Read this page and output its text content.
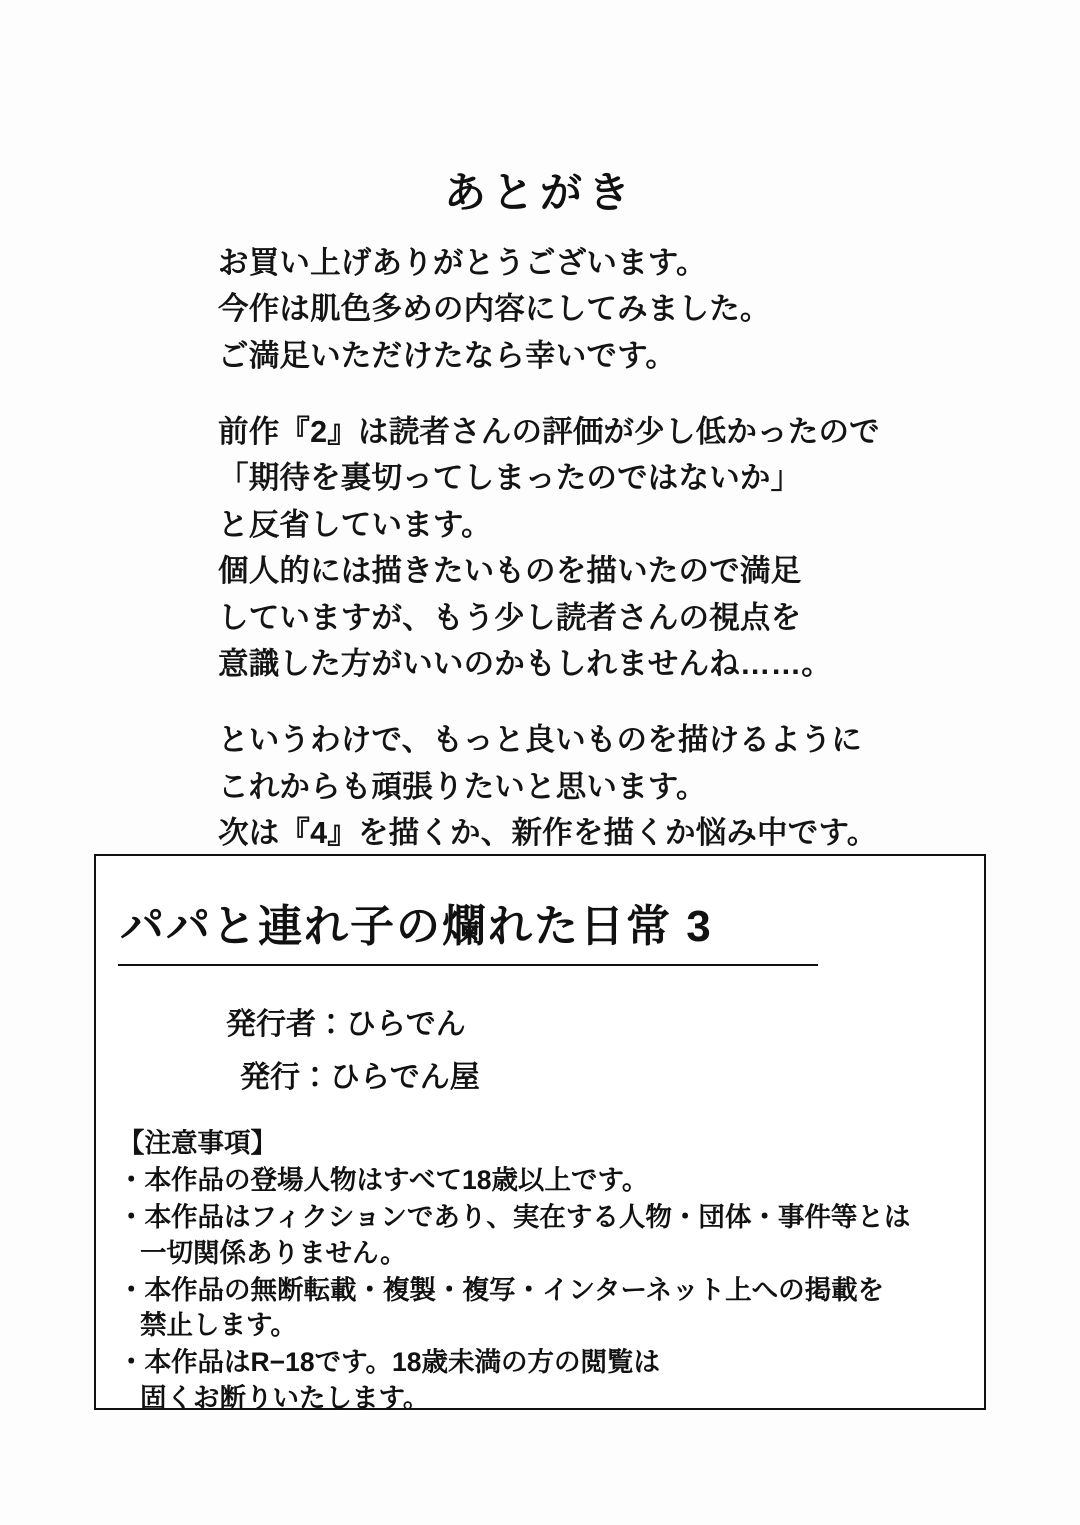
あとがき

お買い上げありがとうございます。

今作は肌色多めの内容にしてみました。

ご満足いただけたなら幸いです。

前作『2』は読者さんの評価が少し低かったので

「期待を裏切ってしまったのではないか」

と反省しています。

個人的には描きたいものを描いたので満足

していますが、もう少し読者さんの視点を

意識した方がいいのかもしれませんね……。

というわけで、もっと良いものを描けるように

これからも頑張りたいと思います。

次は『4』を描くか、新作を描くか悩み中です。

パパと連れ子の爛れた日常 3
発行者：ひらでん
発行：ひらでん屋
【注意事項】
・本作品の登場人物はすべて18歳以上です。
・本作品はフィクションであり、実在する人物・団体・事件等とは
一切関係ありません。
・本作品の無断転載・複製・複写・インターネット上への掲載を
禁止します。
・本作品はR−18です。18歳未満の方の閲覧は
固くお断りいたします。
